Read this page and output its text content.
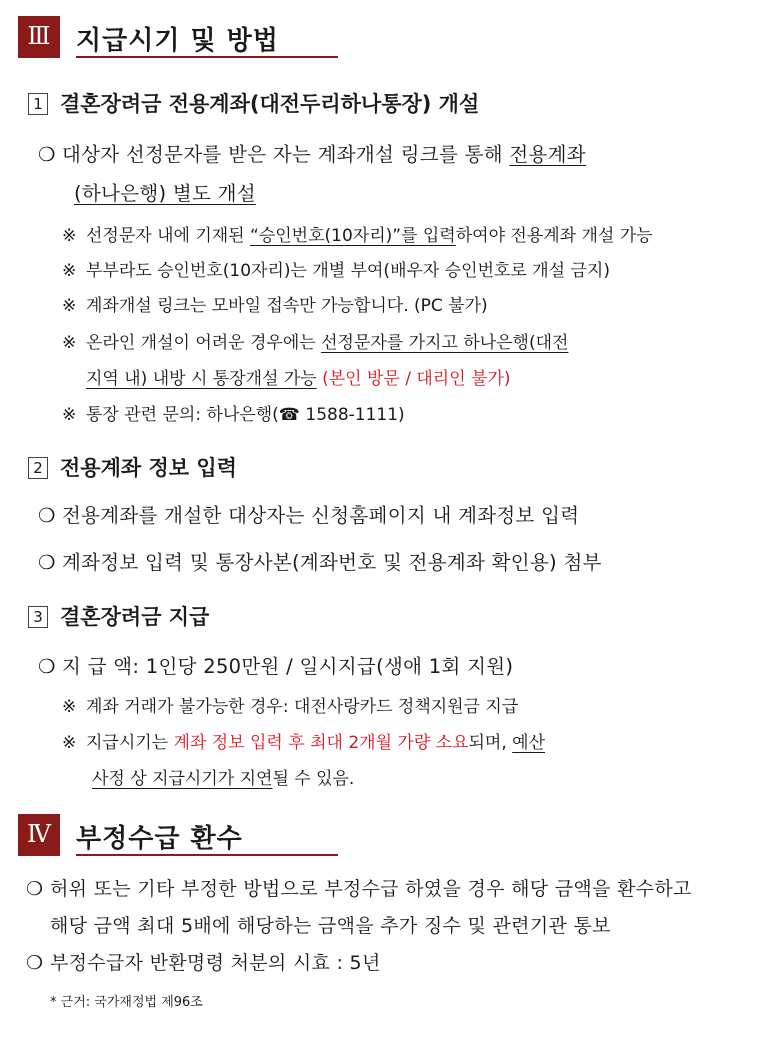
Ⅲ 지급시기 및 방법
1 결혼장려금 전용계좌(대전두리하나통장) 개설
❍ 대상자 선정문자를 받은 자는 계좌개설 링크를 통해 전용계좌
(하나은행) 별도 개설
※ 선정문자 내에 기재된 “승인번호(10자리)”를 입력하여야 전용계좌 개설 가능
※ 부부라도 승인번호(10자리)는 개별 부여(배우자 승인번호로 개설 금지)
※ 계좌개설 링크는 모바일 접속만 가능합니다. (PC 불가)
※ 온라인 개설이 어려운 경우에는 선정문자를 가지고 하나은행(대전
지역 내) 내방 시 통장개설 가능 (본인 방문 / 대리인 불가)
※ 통장 관련 문의: 하나은행(☎ 1588-1111)
2 전용계좌 정보 입력
❍ 전용계좌를 개설한 대상자는 신청홈페이지 내 계좌정보 입력
❍ 계좌정보 입력 및 통장사본(계좌번호 및 전용계좌 확인용) 첨부
3 결혼장려금 지급
❍ 지 급 액: 1인당 250만원 / 일시지급(생애 1회 지원)
※ 계좌 거래가 불가능한 경우: 대전사랑카드 정책지원금 지급
※ 지급시기는 계좌 정보 입력 후 최대 2개월 가량 소요되며, 예산
사정 상 지급시기가 지연될 수 있음.
Ⅳ 부정수급 환수
❍ 허위 또는 기타 부정한 방법으로 부정수급 하였을 경우 해당 금액을 환수하고
해당 금액 최대 5배에 해당하는 금액을 추가 징수 및 관련기관 통보
❍ 부정수급자 반환명령 처분의 시효 : 5년
* 근거: 국가재정법 제96조
